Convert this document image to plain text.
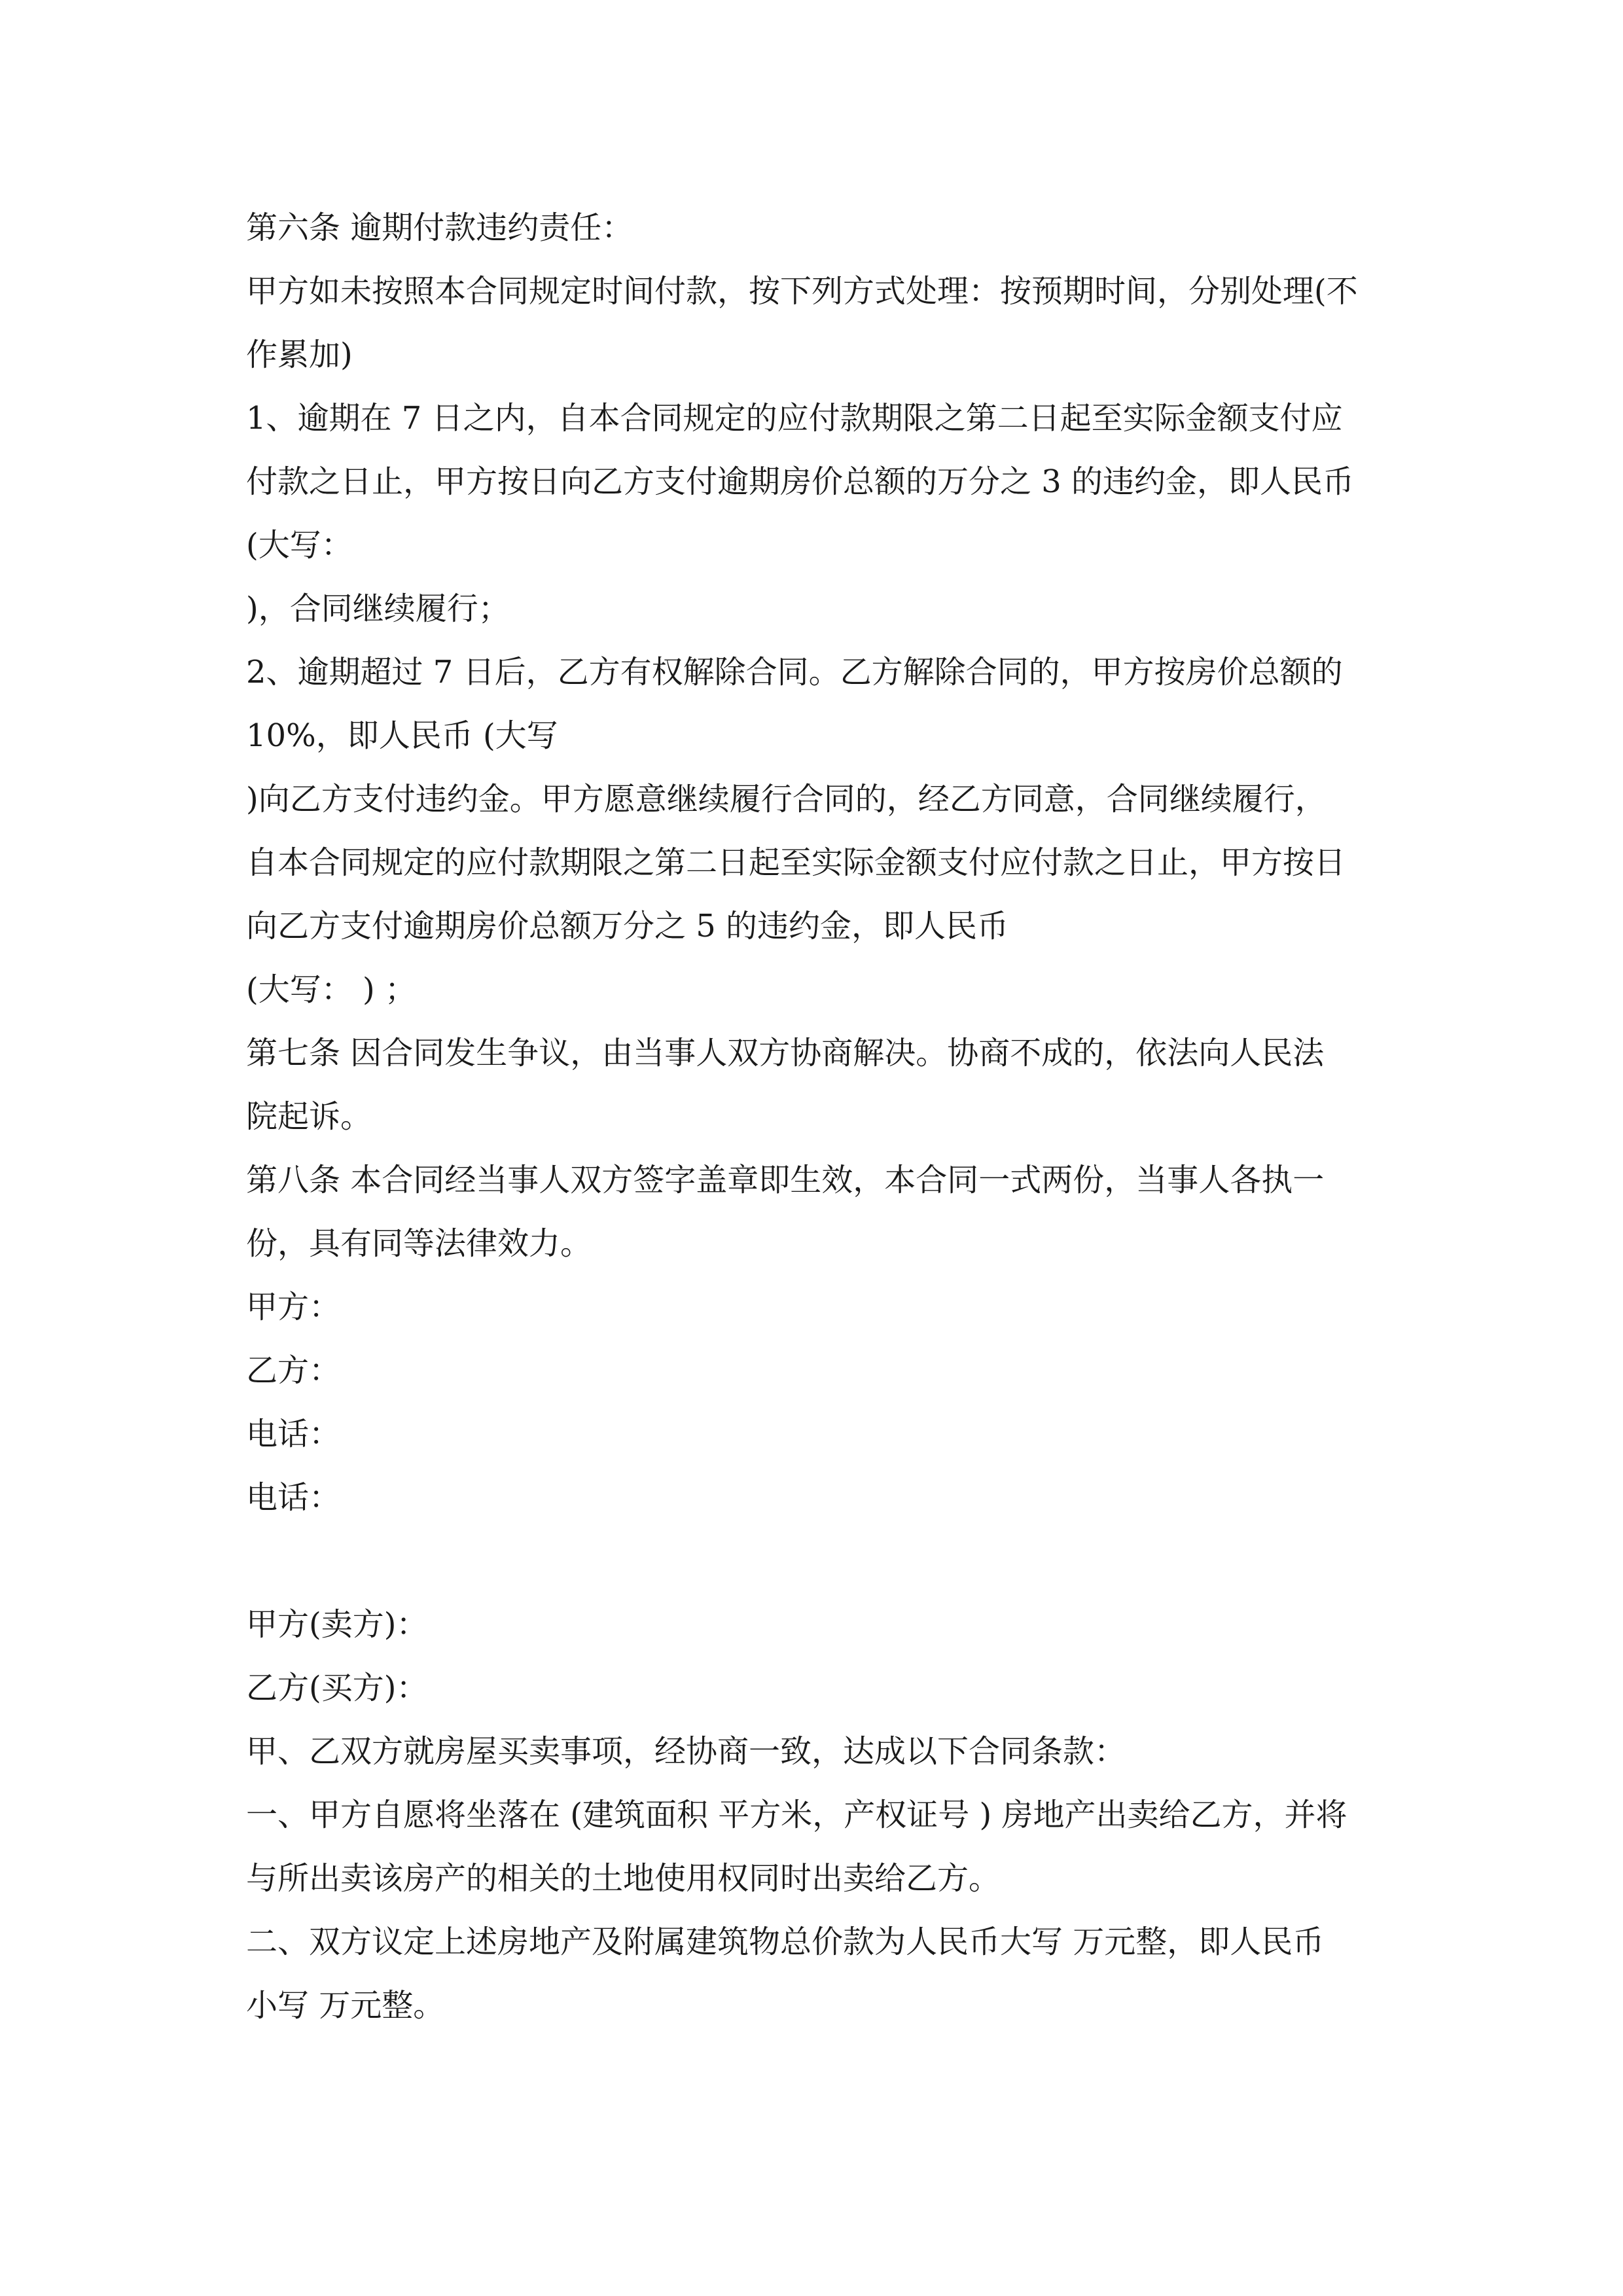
第六条 逾期付款违约责任：

甲方如未按照本合同规定时间付款，按下列方式处理：按预期时间，分别处理(不

作累加)

1、逾期在 7 日之内，自本合同规定的应付款期限之第二日起至实际金额支付应

付款之日止，甲方按日向乙方支付逾期房价总额的万分之 3 的违约金，即人民币

(大写：

)，合同继续履行；

2、逾期超过 7 日后，乙方有权解除合同。乙方解除合同的，甲方按房价总额的

10%，即人民币 (大写

)向乙方支付违约金。甲方愿意继续履行合同的，经乙方同意，合同继续履行，

自本合同规定的应付款期限之第二日起至实际金额支付应付款之日止，甲方按日

向乙方支付逾期房价总额万分之 5 的违约金，即人民币

(大写： ) ；

第七条 因合同发生争议，由当事人双方协商解决。协商不成的，依法向人民法

院起诉。

第八条 本合同经当事人双方签字盖章即生效，本合同一式两份，当事人各执一

份，具有同等法律效力。

甲方：

乙方：

电话：

电话：

甲方(卖方)：

乙方(买方)：

甲、乙双方就房屋买卖事项，经协商一致，达成以下合同条款：

一、甲方自愿将坐落在 (建筑面积 平方米，产权证号 ) 房地产出卖给乙方，并将

与所出卖该房产的相关的土地使用权同时出卖给乙方。

二、双方议定上述房地产及附属建筑物总价款为人民币大写 万元整，即人民币

小写 万元整。
